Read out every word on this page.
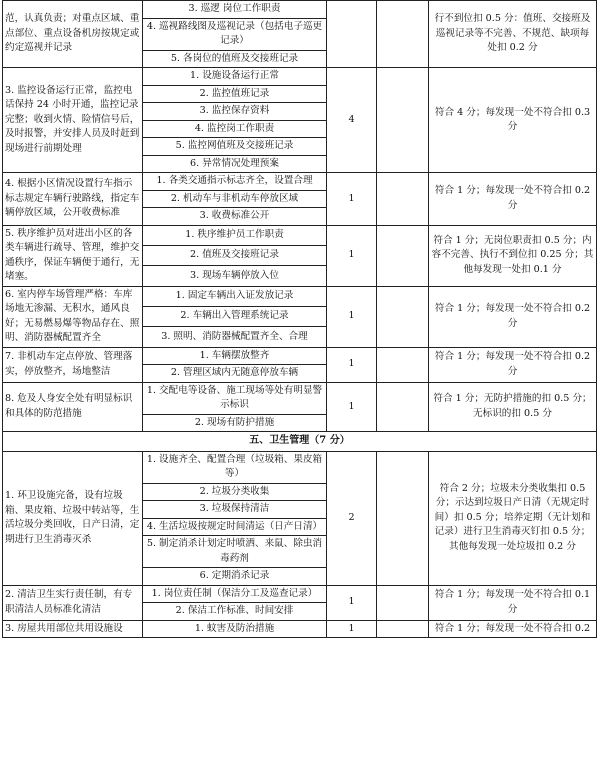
范，认真负责；对重点区域、重点部位、重点设备机房按规定或约定巡视并记录	3. 巡逻 岗位工作职责			行不到位扣 0.5 分：值班、交接班及巡视记录等不完善、不规范、缺项每处扣 0.2 分
	4. 巡视路线图及巡视记录（包括电子巡更记录）			
	5. 各岗位的值班及交接班记录			
3. 监控设备运行正常，监控电话保持 24 小时开通，监控记录完整；收到火情、险情信号后，及时报警，并安排人员及时赶到现场进行前期处理	1. 设施设备运行正常	4		符合 4 分；每发现一处不符合扣 0.3 分
	2. 监控值班记录			
	3. 监控保存资料			
	4. 监控岗工作职责			
	5. 监控网值班及交接班记录			
	6. 异常情况处理预案			
4. 根据小区情况设置行车指示标志规定车辆行驶路线，指定车辆停放区域，公开收费标准	1. 各类交通指示标志齐全，设置合理	1		符合 1 分；每发现一处不符合扣 0.2 分
	2. 机动车与非机动车停放区域			
	3. 收费标准公开			
5. 秩序维护员对进出小区的各类车辆进行疏导、管理，维护交通秩序，保证车辆便于通行，无堵塞。	1. 秩序维护员工作职责	1		符合 1 分；无岗位职责扣 0.5 分；内容不完善、执行不到位扣 0.25 分；其他每发现一处扣 0.1 分
	2. 值班及交接班记录			
	3. 现场车辆停放入位			
6. 室内停车场管理严格：车库场地无渗漏、无积水，通风良好；无易燃易爆等物品存在、照明、消防器械配置齐全	1. 固定车辆出入证发放记录	1		符合 1 分；每发现一处不符合扣 0.2 分
	2. 车辆出入管理系统记录			
	3. 照明、消防器械配置齐全、合理			
7. 非机动车定点停放、管理落实，停放整齐，场地整洁	1. 车辆摆放整齐	1		符合 1 分；每发现一处不符合扣 0.2 分
	2. 管理区域内无随意停放车辆			
8. 危及人身安全处有明显标识和具体的防范措施	1. 交配电等设备、施工现场等处有明显警示标识	1		符合 1 分；无防护措施的扣 0.5 分；无标识的扣 0.5 分
	2. 现场有防护措施			
五、卫生管理（7 分）				
1. 环卫设施完备，设有垃圾箱、果皮箱、垃圾中转站等，生活垃圾分类回收，日产日清，定期进行卫生消毒灭杀	1. 设施齐全、配置合理（垃圾箱、果皮箱等）	2		符合 2 分；垃圾未分类收集扣 0.5 分；示达到垃圾日产日清（无规定时间）扣 0.5 分；培养定期（无计划和记录）进行卫生消毒灭钉扣 0.5 分；其他每发现一处垃圾扣 0.2 分
	2. 垃圾分类收集			
	3. 垃圾保持清洁			
	4. 生活垃圾按规定时间清运（日产日清）			
	5. 制定消杀计划定时喷洒、来鼠、除虫消毒药剂			
	6. 定期消杀记录			
2. 清洁卫生实行责任制，有专职清洁人员标准化清洁	1. 岗位责任制（保洁分工及巡查记录）	1		符合 1 分；每发现一处不符合扣 0.1 分
	2. 保洁工作标准、时间安排			
3. 房屋共用部位共用设施设	1. 蚊害及防治措施	1		符合 1 分；每发现一处不符合扣 0.2
